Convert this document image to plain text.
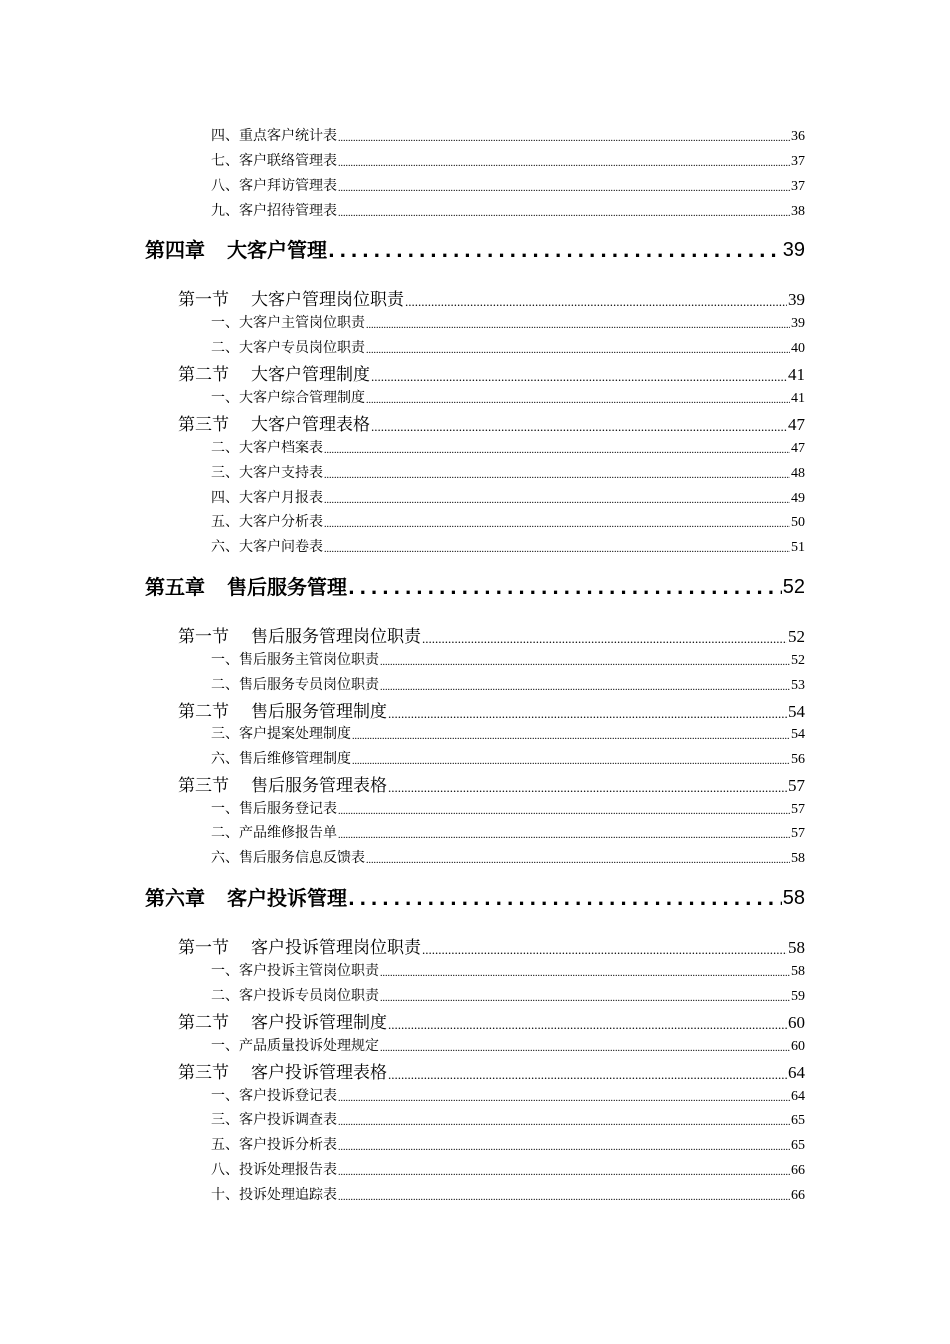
四、重点客户统计表 .....	36
七、客户联络管理表 .....	37
八、客户拜访管理表 .....	37
九、客户招待管理表 .....	38
第四章 大客户管理 .....	39
第一节 大客户管理岗位职责 .....	39
一、大客户主管岗位职责 .....	39
二、大客户专员岗位职责 .....	40
第二节 大客户管理制度 .....	41
一、大客户综合管理制度 .....	41
第三节 大客户管理表格 .....	47
二、大客户档案表 .....	47
三、大客户支持表 .....	48
四、大客户月报表 .....	49
五、大客户分析表 .....	50
六、大客户问卷表 .....	51
第五章 售后服务管理 .....	52
第一节 售后服务管理岗位职责 .....	52
一、售后服务主管岗位职责 .....	52
二、售后服务专员岗位职责 .....	53
第二节 售后服务管理制度 .....	54
三、客户提案处理制度 .....	54
六、售后维修管理制度 .....	56
第三节 售后服务管理表格 .....	57
一、售后服务登记表 .....	57
二、产品维修报告单 .....	57
六、售后服务信息反馈表 .....	58
第六章 客户投诉管理 .....	58
第一节 客户投诉管理岗位职责 .....	58
一、客户投诉主管岗位职责 .....	58
二、客户投诉专员岗位职责 .....	59
第二节 客户投诉管理制度 .....	60
一、产品质量投诉处理规定 .....	60
第三节 客户投诉管理表格 .....	64
一、客户投诉登记表 .....	64
三、客户投诉调查表 .....	65
五、客户投诉分析表 .....	65
八、投诉处理报告表 .....	66
十、投诉处理追踪表 .....	66
